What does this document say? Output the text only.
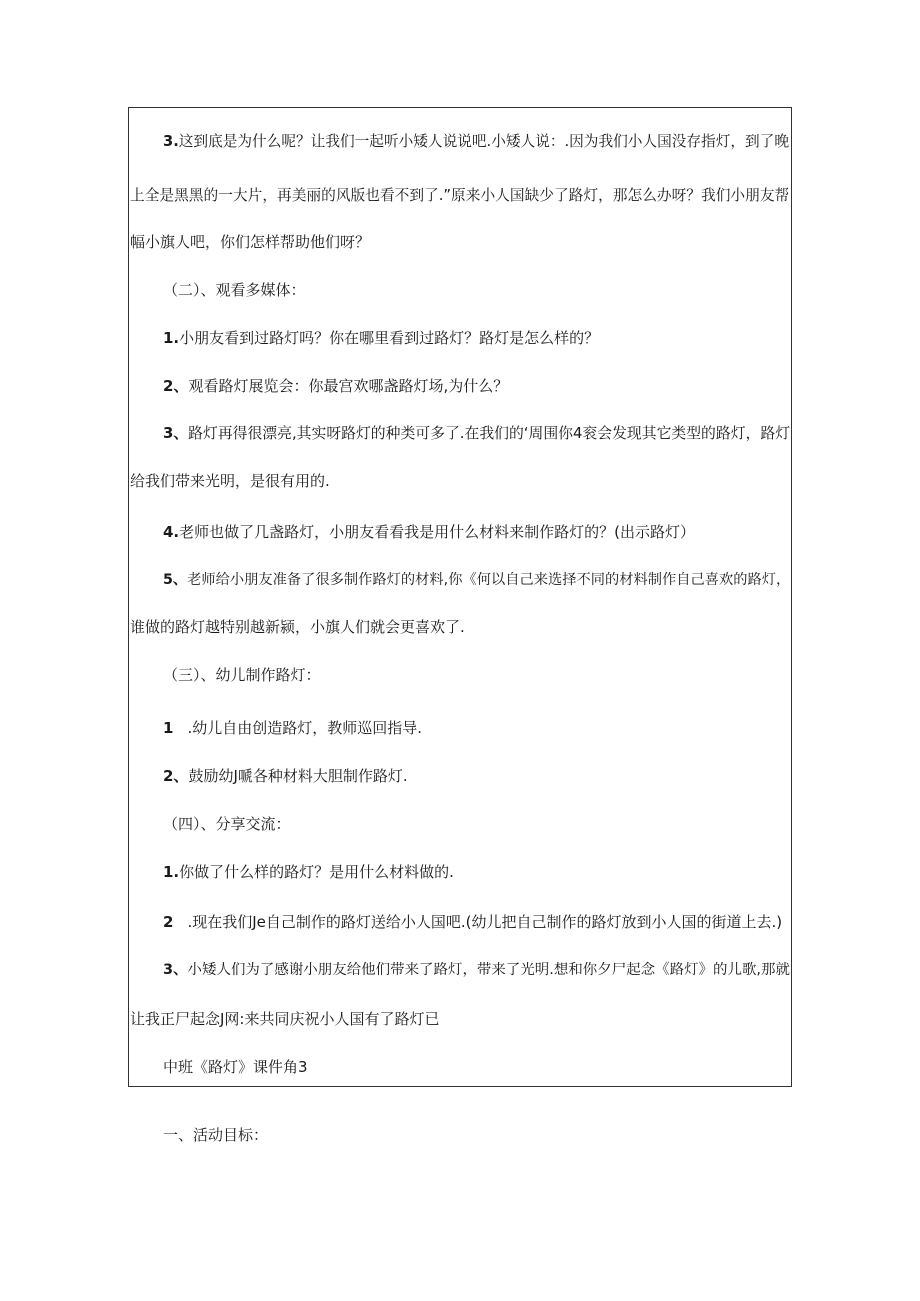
3.这到底是为什么呢？让我们一起听小矮人说说吧.小矮人说：.因为我们小人国没存指灯，到了晚
上全是黑黑的一大片，再美丽的风版也看不到了.”原来小人国缺少了路灯，那怎么办呀？我们小朋友帮
幅小旗人吧，你们怎样帮助他们呀？
（二）、观看多媒体：
1.小朋友看到过路灯吗？你在哪里看到过路灯？路灯是怎么样的？
2、观看路灯展览会：你最宫欢哪盏路灯场,为什么？
3、路灯再得很漂亮,其实呀路灯的种类可多了.在我们的‘周围你4衮会发现其它类型的路灯，路灯
给我们带来光明，是很有用的.
4.老师也做了几盏路灯，小朋友看看我是用什么材料来制作路灯的？(出示路灯）
5、老师给小朋友准备了很多制作路灯的材料,你《何以自己来选择不同的材料制作自己喜欢的路灯，
谁做的路灯越特别越新颍，小旗人们就会更喜欢了.
（三）、幼儿制作路灯：
1 .幼儿自由创造路灯，教师巡回指导.
2、鼓励幼J嗁各种材料大胆制作路灯.
（四）、分享交流：
1.你做了什么样的路灯？是用什么材料做的.
2 .现在我们Je自己制作的路灯送给小人国吧.(幼儿把自己制作的路灯放到小人国的街道上去.)
3、小矮人们为了感谢小朋友给他们带来了路灯，带来了光明.想和你夕尸起念《路灯》的儿歌,那就
让我正尸起念J网:来共同庆祝小人国有了路灯已
中班《路灯》课件角3
一、活动目标：
